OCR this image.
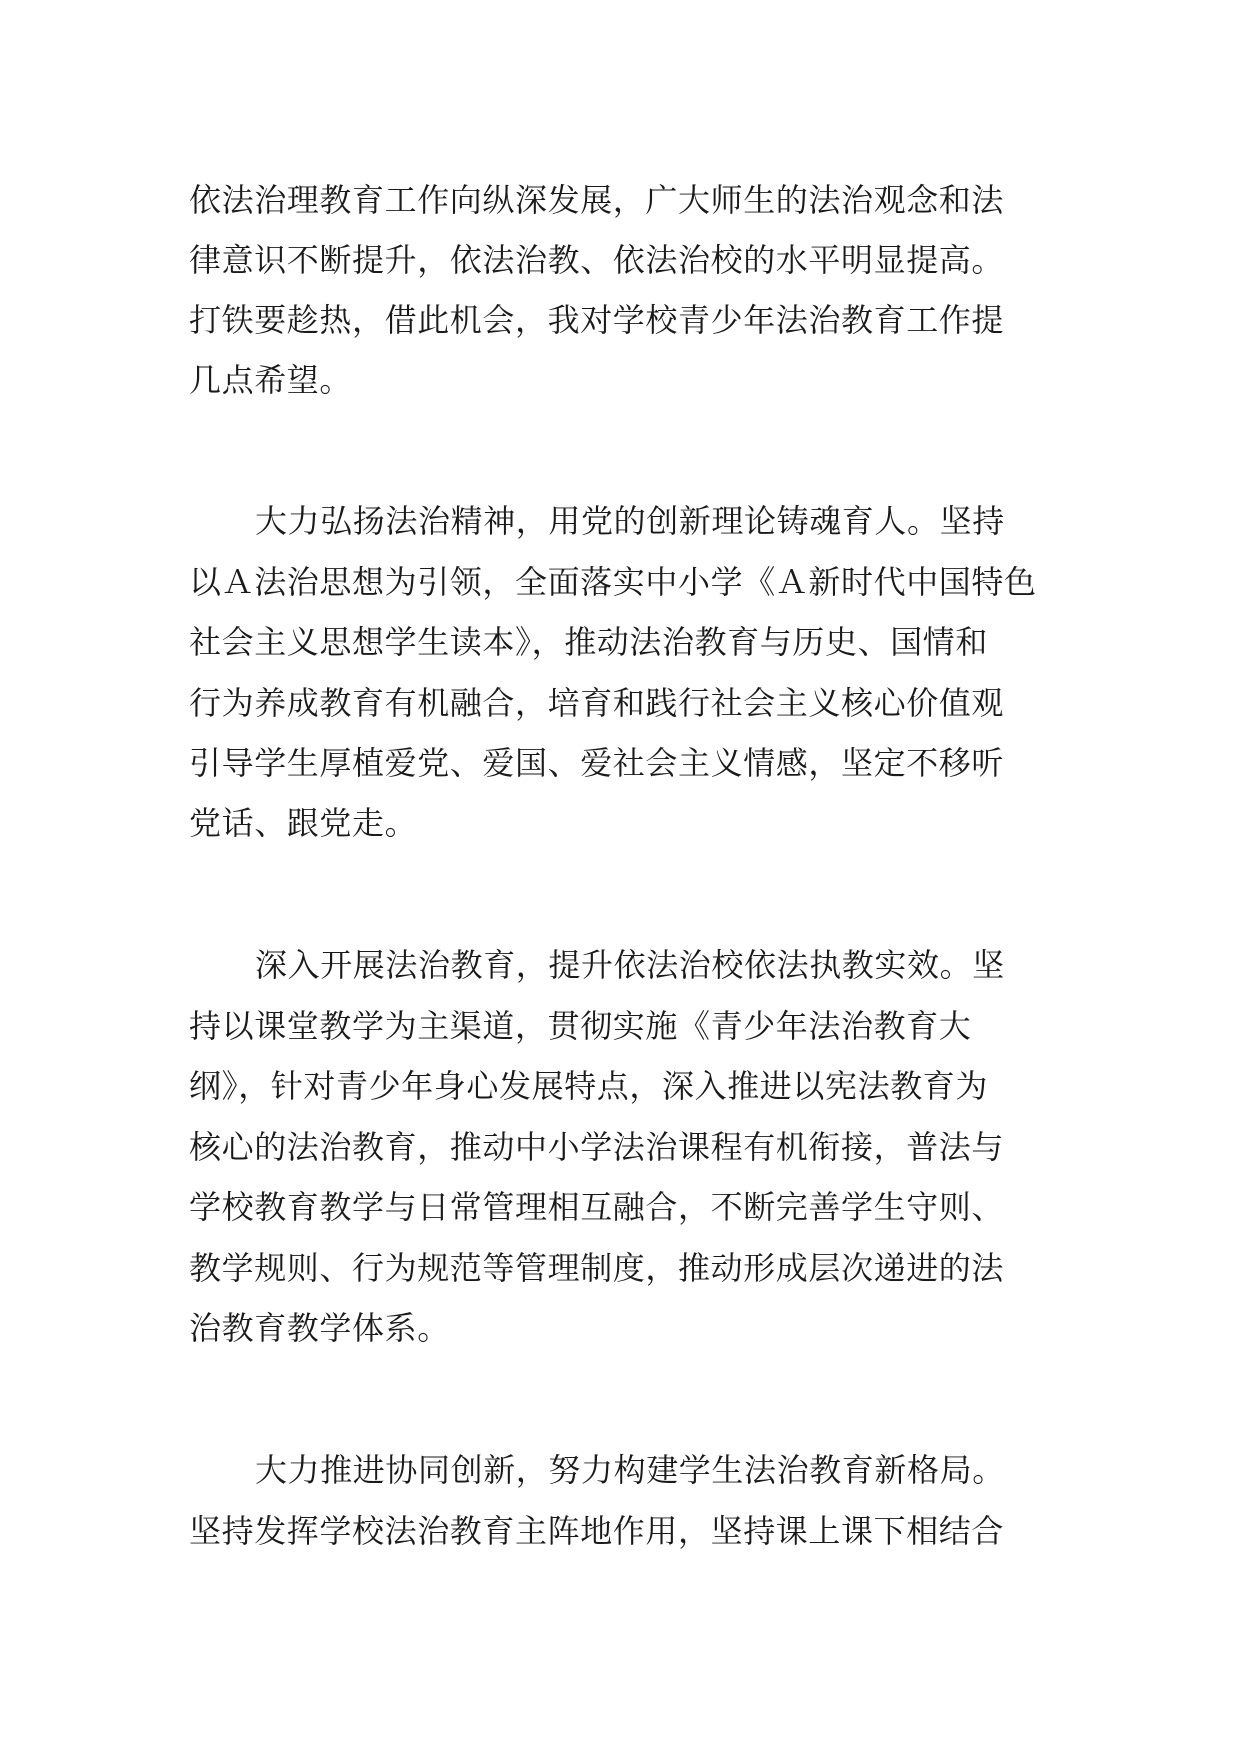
依法治理教育工作向纵深发展，广大师生的法治观念和法
律意识不断提升，依法治教、依法治校的水平明显提高。
打铁要趁热，借此机会，我对学校青少年法治教育工作提
几点希望。
大力弘扬法治精神，用党的创新理论铸魂育人。坚持
以Ａ法治思想为引领，全面落实中小学《Ａ新时代中国特色
社会主义思想学生读本》，推动法治教育与历史、国情和
行为养成教育有机融合，培育和践行社会主义核心价值观
引导学生厚植爱党、爱国、爱社会主义情感，坚定不移听
党话、跟党走。
深入开展法治教育，提升依法治校依法执教实效。坚
持以课堂教学为主渠道，贯彻实施《青少年法治教育大
纲》，针对青少年身心发展特点，深入推进以宪法教育为
核心的法治教育，推动中小学法治课程有机衔接，普法与
学校教育教学与日常管理相互融合，不断完善学生守则、
教学规则、行为规范等管理制度，推动形成层次递进的法
治教育教学体系。
大力推进协同创新，努力构建学生法治教育新格局。
坚持发挥学校法治教育主阵地作用，坚持课上课下相结合
